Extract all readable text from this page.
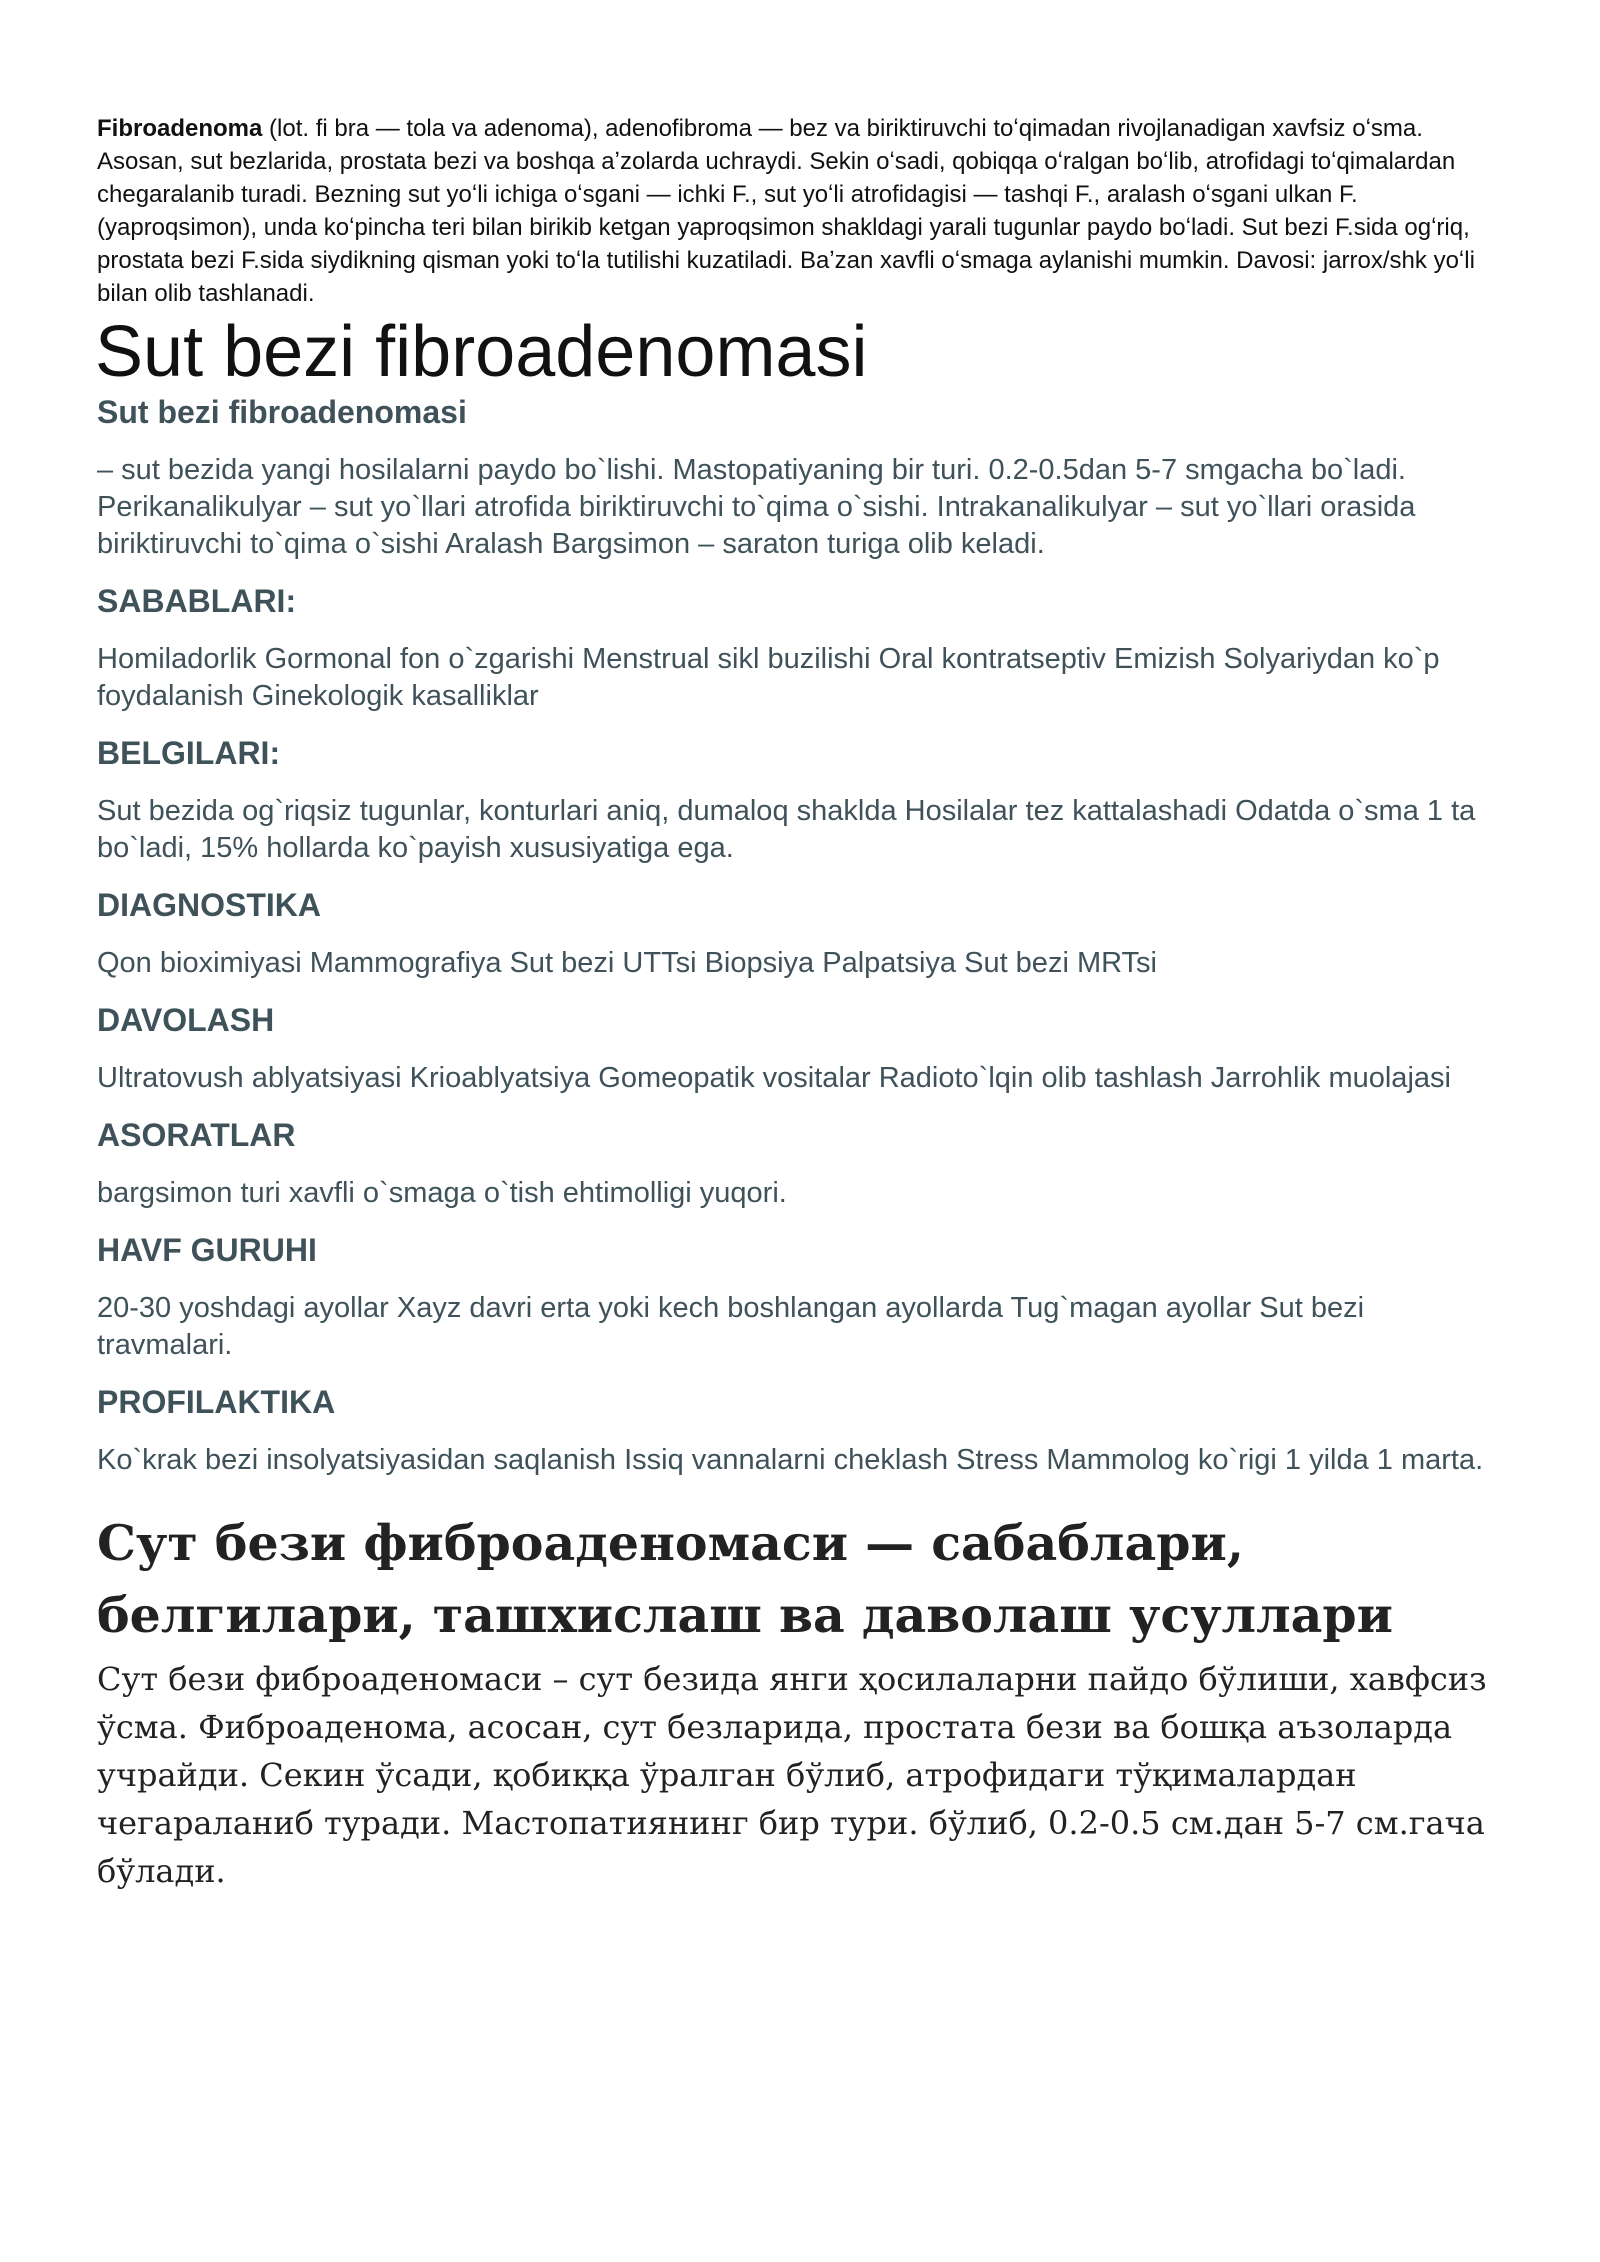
Fibroadenoma (lot. fi bra — tola va adenoma), adenofibroma — bez va biriktiruvchi toʻqimadan rivojlanadigan xavfsiz oʻsma. Asosan, sut bezlarida, prostata bezi va boshqa aʼzolarda uchraydi. Sekin oʻsadi, qobiqqa oʻralgan boʻlib, atrofidagi toʻqimalardan chegaralanib turadi. Bezning sut yoʻli ichiga oʻsgani — ichki F., sut yoʻli atrofidagisi — tashqi F., aralash oʻsgani ulkan F. (yaproqsimon), unda koʻpincha teri bilan birikib ketgan yaproqsimon shakldagi yarali tugunlar paydo boʻladi. Sut bezi F.sida ogʻriq, prostata bezi F.sida siydikning qisman yoki toʻla tutilishi kuzatiladi. Baʼzan xavfli oʻsmaga aylanishi mumkin. Davosi: jarrox/shk yoʻli bilan olib tashlanadi.

Sut bezi fibroadenomasi
Sut bezi fibroadenomasi

– sut bezida yangi hosilalarni paydo bo`lishi. Mastopatiyaning bir turi. 0.2-0.5dan 5-7 smgacha bo`ladi. Perikanalikulyar – sut yo`llari atrofida biriktiruvchi to`qima o`sishi. Intrakanalikulyar – sut yo`llari orasida biriktiruvchi to`qima o`sishi Aralash Bargsimon – saraton turiga olib keladi.

SABABLARI:

Homiladorlik Gormonal fon o`zgarishi Menstrual sikl buzilishi Oral kontratseptiv Emizish Solyariydan ko`p foydalanish Ginekologik kasalliklar

BELGILARI:

Sut bezida og`riqsiz tugunlar, konturlari aniq, dumaloq shaklda Hosilalar tez kattalashadi Odatda o`sma 1 ta bo`ladi, 15% hollarda ko`payish xususiyatiga ega.

DIAGNOSTIKA

Qon bioximiyasi Mammografiya Sut bezi UTTsi Biopsiya Palpatsiya Sut bezi MRTsi

DAVOLASH

Ultratovush ablyatsiyasi Krioablyatsiya Gomeopatik vositalar Radioto`lqin olib tashlash Jarrohlik muolajasi

ASORATLAR

bargsimon turi xavfli o`smaga o`tish ehtimolligi yuqori.

HAVF GURUHI

20-30 yoshdagi ayollar Xayz davri erta yoki kech boshlangan ayollarda Tug`magan ayollar Sut bezi travmalari.

PROFILAKTIKA

Ko`krak bezi insolyatsiyasidan saqlanish Issiq vannalarni cheklash Stress Mammolog ko`rigi 1 yilda 1 marta.

Сут бези фиброаденомаси — сабаблари, белгилари, ташхислаш ва даволаш усуллари

Сут бези фиброаденомаси – сут безида янги ҳосилаларни пайдо бўлиши, хавфсиз ўсма. Фиброаденома, асосан, сут безларида, простата бези ва бошқа аъзоларда учрайди. Секин ўсади, қобиққа ўралган бўлиб, атрофидаги тўқималардан чегараланиб туради. Мастопатиянинг бир тури. бўлиб, 0.2-0.5 см.дан 5-7 см.гача бўлади.
